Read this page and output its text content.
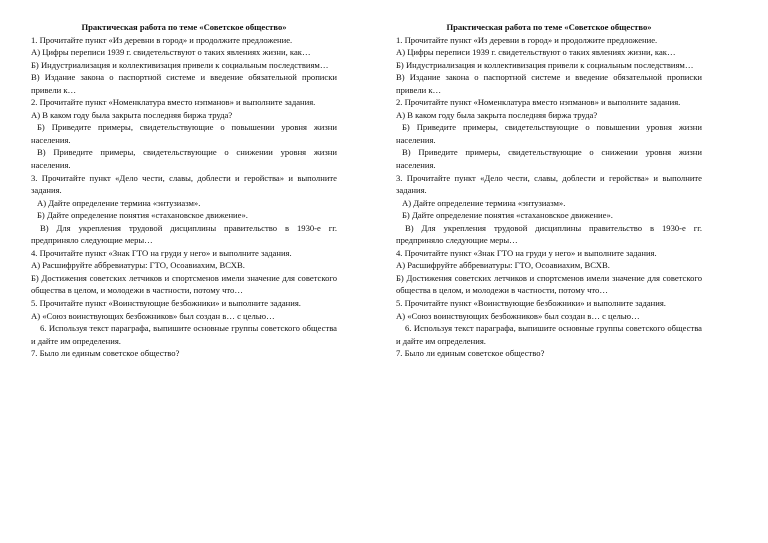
Практическая работа по теме «Советское общество»

1. Прочитайте пункт «Из деревни в город» и продолжите предложение.

А) Цифры переписи 1939 г. свидетельствуют о таких явлениях жизни, как…

Б) Индустриализация и коллективизация привели к социальным последствиям…

В) Издание закона о паспортной системе и введение обязательной прописки привели к…

2. Прочитайте пункт «Номенклатура вместо нэпманов» и выполните задания.

А) В каком году была закрыта последняя биржа труда?

Б) Приведите примеры, свидетельствующие о повышении уровня жизни населения.

В) Приведите примеры, свидетельствующие о снижении уровня жизни населения.

3. Прочитайте пункт «Дело чести, славы, доблести и геройства» и выполните задания.

А) Дайте определение термина «энтузиазм».

Б) Дайте определение понятия «стахановское движение».

В) Для укрепления трудовой дисциплины правительство в 1930-е гг. предприняло следующие меры…

4. Прочитайте пункт «Знак ГТО на груди у него» и выполните задания.

А) Расшифруйте аббревиатуры: ГТО, Осоавиахим, ВСХВ.

Б) Достижения советских летчиков и спортсменов имели значение для советского общества в целом, и молодежи в частности, потому что…

5. Прочитайте пункт «Воинствующие безбожники» и выполните задания.

А) «Союз воинствующих безбожников» был создан в… с целью…

6. Используя текст параграфа, выпишите основные группы советского общества и дайте им определения.

7. Было ли единым советское общество?

Практическая работа по теме «Советское общество»

1. Прочитайте пункт «Из деревни в город» и продолжите предложение.

А) Цифры переписи 1939 г. свидетельствуют о таких явлениях жизни, как…

Б) Индустриализация и коллективизация привели к социальным последствиям…

В) Издание закона о паспортной системе и введение обязательной прописки привели к…

2. Прочитайте пункт «Номенклатура вместо нэпманов» и выполните задания.

А) В каком году была закрыта последняя биржа труда?

Б) Приведите примеры, свидетельствующие о повышении уровня жизни населения.

В) Приведите примеры, свидетельствующие о снижении уровня жизни населения.

3. Прочитайте пункт «Дело чести, славы, доблести и геройства» и выполните задания.

А) Дайте определение термина «энтузиазм».

Б) Дайте определение понятия «стахановское движение».

В) Для укрепления трудовой дисциплины правительство в 1930-е гг. предприняло следующие меры…

4. Прочитайте пункт «Знак ГТО на груди у него» и выполните задания.

А) Расшифруйте аббревиатуры: ГТО, Осоавиахим, ВСХВ.

Б) Достижения советских летчиков и спортсменов имели значение для советского общества в целом, и молодежи в частности, потому что…

5. Прочитайте пункт «Воинствующие безбожники» и выполните задания.

А) «Союз воинствующих безбожников» был создан в… с целью…

6. Используя текст параграфа, выпишите основные группы советского общества и дайте им определения.

7. Было ли единым советское общество?
